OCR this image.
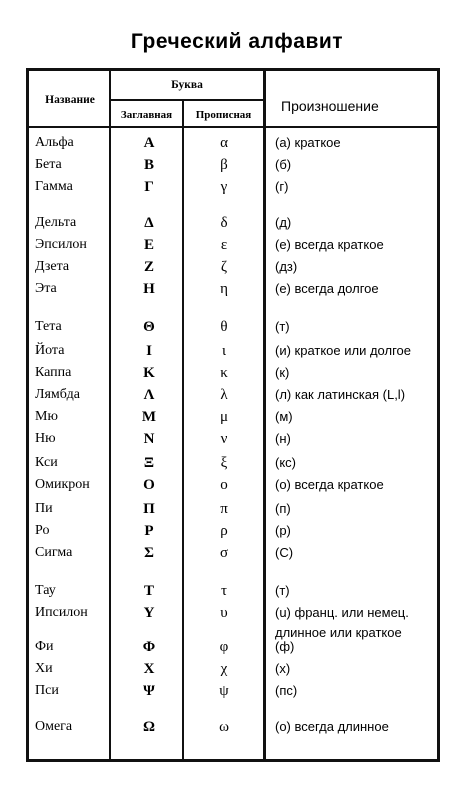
Греческий алфавит
Название
Буква
Заглавная	Прописная
Произношение
Альфа	Α	α	(а) краткое
Бета	Β	β	(б)
Гамма	Γ	γ	(г)
Дельта	Δ	δ	(д)
Эпсилон	Ε	ε	(е) всегда краткое
Дзета	Ζ	ζ	(дз)
Эта	Η	η	(е) всегда долгое
Тета	Θ	θ	(т)
Йота	Ι	ι	(и) краткое или долгое
Каппа	Κ	κ	(к)
Лямбда	Λ	λ	(л) как латинская (L,l)
Мю	Μ	μ	(м)
Ню	Ν	ν	(н)
Кси	Ξ	ξ	(кс)
Омикрон	Ο	ο	(о) всегда краткое
Пи	Π	π	(п)
Ро	Ρ	ρ	(р)
Сигма	Σ	σ	(С)
Тау	Τ	τ	(т)
Ипсилон	Υ	υ	(u) франц. или немец.
длинное или краткое
Фи	Φ	φ	(ф)
Хи	Χ	χ	(х)
Пси	Ψ	ψ	(пс)
Омега	Ω	ω	(о) всегда длинное
